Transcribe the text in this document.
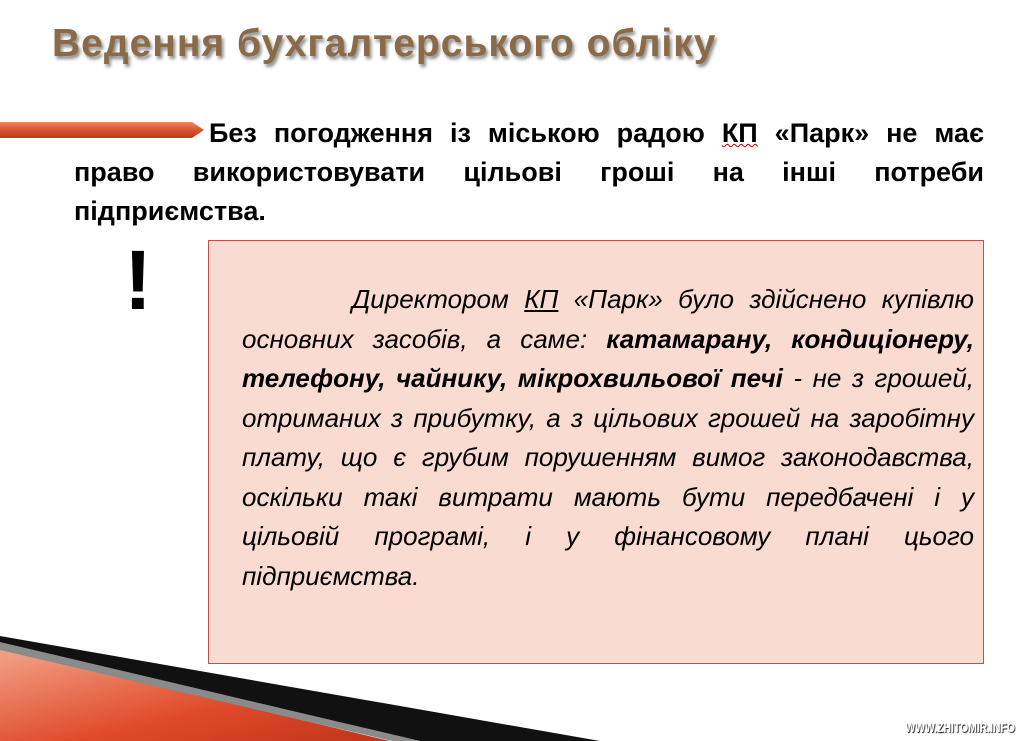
Ведення бухгалтерського обліку

Без погодження із міською радою КП «Парк» не має право використовувати цільові гроші на інші потреби підприємства.

!	Директором КП «Парк» було здійснено купівлю основних засобів, а саме: катамарану, кондиціонеру, телефону, чайнику, мікрохвильової печі - не з грошей, отриманих з прибутку, а з цільових грошей на заробітну плату, що є грубим порушенням вимог законодавства, оскільки такі витрати мають бути передбачені і у цільовій програмі, і у фінансовому плані цього підприємства.

WWW.ZHITOMIR.INFO
